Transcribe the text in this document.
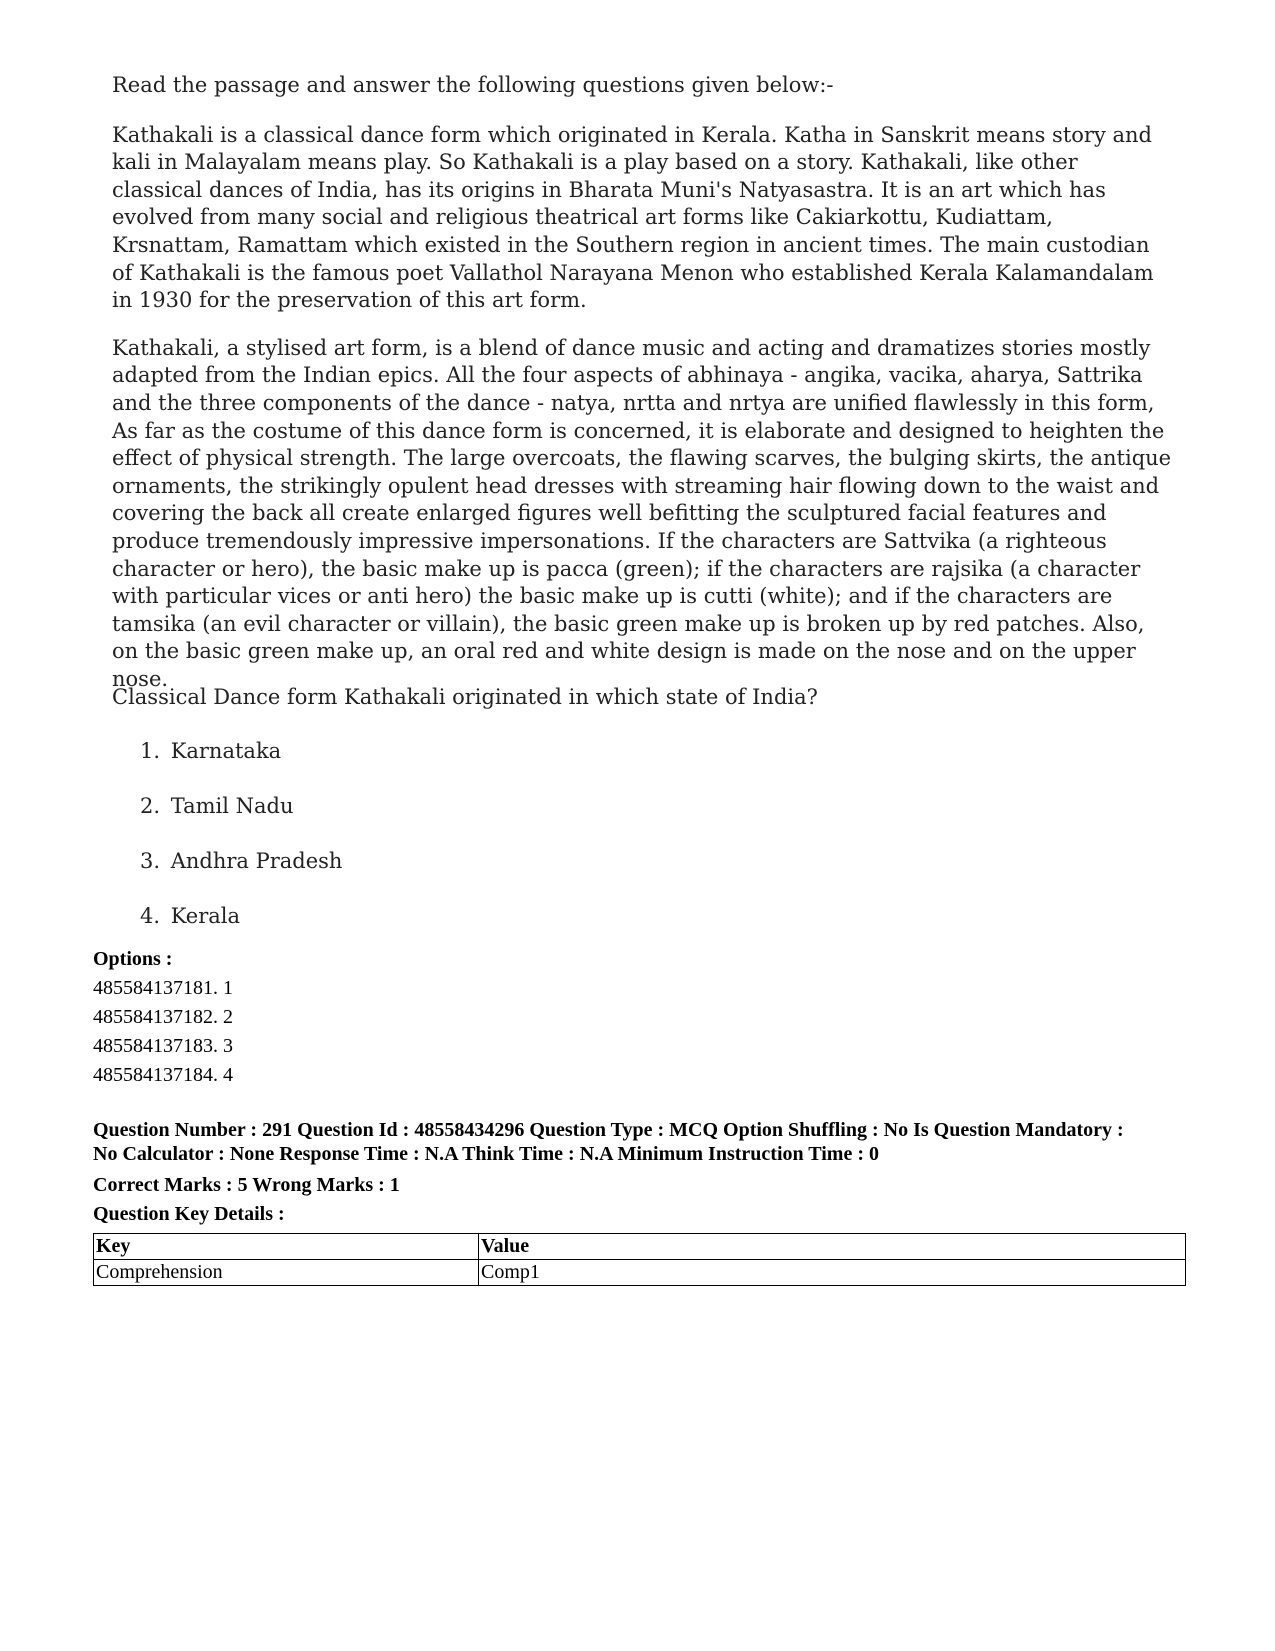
Read the passage and answer the following questions given below:-

Kathakali is a classical dance form which originated in Kerala. Katha in Sanskrit means story and kali in Malayalam means play. So Kathakali is a play based on a story. Kathakali, like other classical dances of India, has its origins in Bharata Muni's Natyasastra. It is an art which has evolved from many social and religious theatrical art forms like Cakiarkottu, Kudiattam, Krsnattam, Ramattam which existed in the Southern region in ancient times. The main custodian of Kathakali is the famous poet Vallathol Narayana Menon who established Kerala Kalamandalam in 1930 for the preservation of this art form.

Kathakali, a stylised art form, is a blend of dance music and acting and dramatizes stories mostly adapted from the Indian epics. All the four aspects of abhinaya - angika, vacika, aharya, Sattrika and the three components of the dance - natya, nrtta and nrtya are unified flawlessly in this form, As far as the costume of this dance form is concerned, it is elaborate and designed to heighten the effect of physical strength. The large overcoats, the flawing scarves, the bulging skirts, the antique ornaments, the strikingly opulent head dresses with streaming hair flowing down to the waist and covering the back all create enlarged figures well befitting the sculptured facial features and produce tremendously impressive impersonations. If the characters are Sattvika (a righteous character or hero), the basic make up is pacca (green); if the characters are rajsika (a character with particular vices or anti hero) the basic make up is cutti (white); and if the characters are tamsika (an evil character or villain), the basic green make up is broken up by red patches. Also, on the basic green make up, an oral red and white design is made on the nose and on the upper nose.

Classical Dance form Kathakali originated in which state of India?
1. Karnataka
2. Tamil Nadu
3. Andhra Pradesh
4. Kerala
Options :
485584137181. 1
485584137182. 2
485584137183. 3
485584137184. 4
Question Number : 291 Question Id : 48558434296 Question Type : MCQ Option Shuffling : No Is Question Mandatory :
No Calculator : None Response Time : N.A Think Time : N.A Minimum Instruction Time : 0
Correct Marks : 5 Wrong Marks : 1
Question Key Details :
Key	Value
Comprehension	Comp1
